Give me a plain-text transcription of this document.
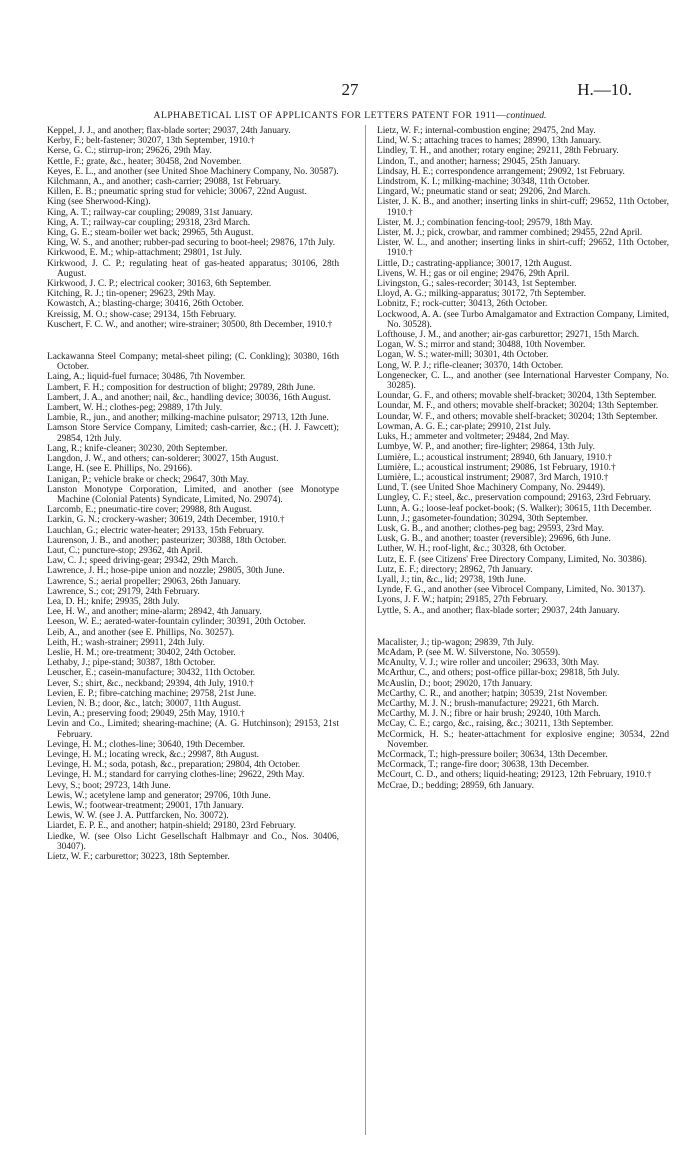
27	H.—10.
ALPHABETICAL LIST OF APPLICANTS FOR LETTERS PATENT FOR 1911—continued.

Keppel, J. J., and another; flax-blade sorter; 29037, 24th January.

Kerby, F.; belt-fastener; 30207, 13th September, 1910.†

Kerse, G. C.; stirrup-iron; 29626, 29th May.

Kettle, F.; grate, &c., heater; 30458, 2nd November.

Keyes, E. L., and another (see United Shoe Machinery Company, No. 30587).

Kilchmann, A., and another; cash-carrier; 29088, 1st February.

Killen, E. B.; pneumatic spring stud for vehicle; 30067, 22nd August.

King (see Sherwood-King).

King, A. T.; railway-car coupling; 29089, 31st January.

King, A. T.; railway-car coupling; 29318, 23rd March.

King, G. E.; steam-boiler wet back; 29965, 5th August.

King, W. S., and another; rubber-pad securing to boot-heel; 29876, 17th July.

Kirkwood, E. M.; whip-attachment; 29801, 1st July.

Kirkwood, J. C. P.; regulating heat of gas-heated apparatus; 30106, 28th August.

Kirkwood, J. C. P.; electrical cooker; 30163, 6th September.

Kitching, R. J.; tin-opener; 29623, 29th May.

Kowastch, A.; blasting-charge; 30416, 26th October.

Kreissig, M. O.; show-case; 29134, 15th February.

Kuschert, F. C. W., and another; wire-strainer; 30500, 8th December, 1910.†

Lackawanna Steel Company; metal-sheet piling; (C. Conkling); 30380, 16th October.

Laing, A.; liquid-fuel furnace; 30486, 7th November.

Lambert, F. H.; composition for destruction of blight; 29789, 28th June.

Lambert, J. A., and another; nail, &c., handling device; 30036, 16th August.

Lambert, W. H.; clothes-peg; 29889, 17th July.

Lambie, R., jun., and another; milking-machine pulsator; 29713, 12th June.

Lamson Store Service Company, Limited; cash-carrier, &c.; (H. J. Fawcett); 29854, 12th July.

Lang, R.; knife-cleaner; 30230, 20th September.

Langdon, J. W., and others; can-solderer; 30027, 15th August.

Lange, H. (see E. Phillips, No. 29166).

Lanigan, P.; vehicle brake or check; 29647, 30th May.

Lanston Monotype Corporation, Limited, and another (see Monotype Machine (Colonial Patents) Syndicate, Limited, No. 29074).

Larcomb, E.; pneumatic-tire cover; 29988, 8th August.

Larkin, G. N.; crockery-washer; 30619, 24th December, 1910.†

Lauchlan, G.; electric water-heater; 29133, 15th February.

Laurenson, J. B., and another; pasteurizer; 30388, 18th October.

Laut, C.; puncture-stop; 29362, 4th April.

Law, C. J.; speed driving-gear; 29342, 29th March.

Lawrence, J. H.; hose-pipe union and nozzle; 29805, 30th June.

Lawrence, S.; aerial propeller; 29063, 26th January.

Lawrence, S.; cot; 29179, 24th February.

Lea, D. H.; knife; 29935, 28th July.

Lee, H. W., and another; mine-alarm; 28942, 4th January.

Leeson, W. E.; aerated-water-fountain cylinder; 30391, 20th October.

Leib, A., and another (see E. Phillips, No. 30257).

Leith, H.; wash-strainer; 29911, 24th July.

Leslie, H. M.; ore-treatment; 30402, 24th October.

Lethaby, J.; pipe-stand; 30387, 18th October.

Leuscher, E.; casein-manufacture; 30432, 11th October.

Lever, S.; shirt, &c., neckband; 29394, 4th July, 1910.†

Levien, E. P.; fibre-catching machine; 29758, 21st June.

Levien, N. B.; door, &c., latch; 30007, 11th August.

Levin, A.; preserving food; 29049, 25th May, 1910.†

Levin and Co., Limited; shearing-machine; (A. G. Hutchinson); 29153, 21st February.

Levinge, H. M.; clothes-line; 30640, 19th December.

Levinge, H. M.; locating wreck, &c.; 29987, 8th August.

Levinge, H. M.; soda, potash, &c., preparation; 29804, 4th October.

Levinge, H. M.; standard for carrying clothes-line; 29622, 29th May.

Levy, S.; boot; 29723, 14th June.

Lewis, W.; acetylene lamp and generator; 29706, 10th June.

Lewis, W.; footwear-treatment; 29001, 17th January.

Lewis, W. W. (see J. A. Puttfarcken, No. 30072).

Liardet, E. P. E., and another; hatpin-shield; 29180, 23rd February.

Liedke, W. (see Olso Licht Gesellschaft Halbmayr and Co., Nos. 30406, 30407).

Lietz, W. F.; carburettor; 30223, 18th September.

Lietz, W. F.; internal-combustion engine; 29475, 2nd May.

Lind, W. S.; attaching traces to hames; 28990, 13th January.

Lindley, T. H., and another; rotary engine; 29211, 28th February.

Lindon, T., and another; harness; 29045, 25th January.

Lindsay, H. E.; correspondence arrangement; 29092, 1st February.

Lindstrom, K. I.; milking-machine; 30348, 11th October.

Lingard, W.; pneumatic stand or seat; 29206, 2nd March.

Lister, J. K. B., and another; inserting links in shirt-cuff; 29652, 11th October, 1910.†

Lister, M. J.; combination fencing-tool; 29579, 18th May.

Lister, M. J.; pick, crowbar, and rammer combined; 29455, 22nd April.

Lister, W. L., and another; inserting links in shirt-cuff; 29652, 11th October, 1910.†

Little, D.; castrating-appliance; 30017, 12th August.

Livens, W. H.; gas or oil engine; 29476, 29th April.

Livingston, G.; sales-recorder; 30143, 1st September.

Lloyd, A. G.; milking-apparatus; 30172, 7th September.

Lobnitz, F.; rock-cutter; 30413, 26th October.

Lockwood, A. A. (see Turbo Amalgamator and Extraction Company, Limited, No. 30528).

Lofthouse, J. M., and another; air-gas carburettor; 29271, 15th March.

Logan, W. S.; mirror and stand; 30488, 10th November.

Logan, W. S.; water-mill; 30301, 4th October.

Long, W. P. J.; rifle-cleaner; 30370, 14th October.

Longenecker, C. L., and another (see International Harvester Company, No. 30285).

Loundar, G. F., and others; movable shelf-bracket; 30204, 13th September.

Loundar, M. F., and others; movable shelf-bracket; 30204; 13th September.

Loundar, W. F., and others; movable shelf-bracket; 30204; 13th September.

Lowman, A. G. E.; car-plate; 29910, 21st July.

Luks, H.; ammeter and voltmeter; 29484, 2nd May.

Lumbye, W. P., and another; fire-lighter; 29864, 13th July.

Lumière, L.; acoustical instrument; 28940, 6th January, 1910.†

Lumière, L.; acoustical instrument; 29086, 1st February, 1910.†

Lumière, L.; acoustical instrument; 29087, 3rd March, 1910.†

Lund, T. (see United Shoe Machinery Company, No. 29449).

Lungley, C. F.; steel, &c., preservation compound; 29163, 23rd February.

Lunn, A. G.; loose-leaf pocket-book; (S. Walker); 30615, 11th December.

Lunn, J.; gasometer-foundation; 30294, 30th September.

Lusk, G. B., and another; clothes-peg bag; 29593, 23rd May.

Lusk, G. B., and another; toaster (reversible); 29696, 6th June.

Luther, W. H.; roof-light, &c.; 30328, 6th October.

Lutz, E. F. (see Citizens' Free Directory Company, Limited, No. 30386).

Lutz, E. F.; directory; 28962, 7th January.

Lyall, J.; tin, &c., lid; 29738, 19th June.

Lynde, F. G., and another (see Vibrocel Company, Limited, No. 30137).

Lyons, J. F. W.; hatpin; 29185, 27th February.

Lyttle, S. A., and another; flax-blade sorter; 29037, 24th January.

Macalister, J.; tip-wagon; 29839, 7th July.

McAdam, P. (see M. W. Silverstone, No. 30559).

McAnulty, V. J.; wire roller and uncoiler; 29633, 30th May.

McArthur, C., and others; post-office pillar-box; 29818, 5th July.

McAuslin, D.; boot; 29020, 17th January.

McCarthy, C. R., and another; hatpin; 30539, 21st November.

McCarthy, M. J. N.; brush-manufacture; 29221, 6th March.

McCarthy, M. J. N.; fibre or hair brush; 29240, 10th March.

McCay, C. E.; cargo, &c., raising, &c.; 30211, 13th September.

McCormick, H. S.; heater-attachment for explosive engine; 30534, 22nd November.

McCormack, T.; high-pressure boiler; 30634, 13th December.

McCormack, T.; range-fire door; 30638, 13th December.

McCourt, C. D., and others; liquid-heating; 29123, 12th February, 1910.†

McCrae, D.; bedding; 28959, 6th January.
